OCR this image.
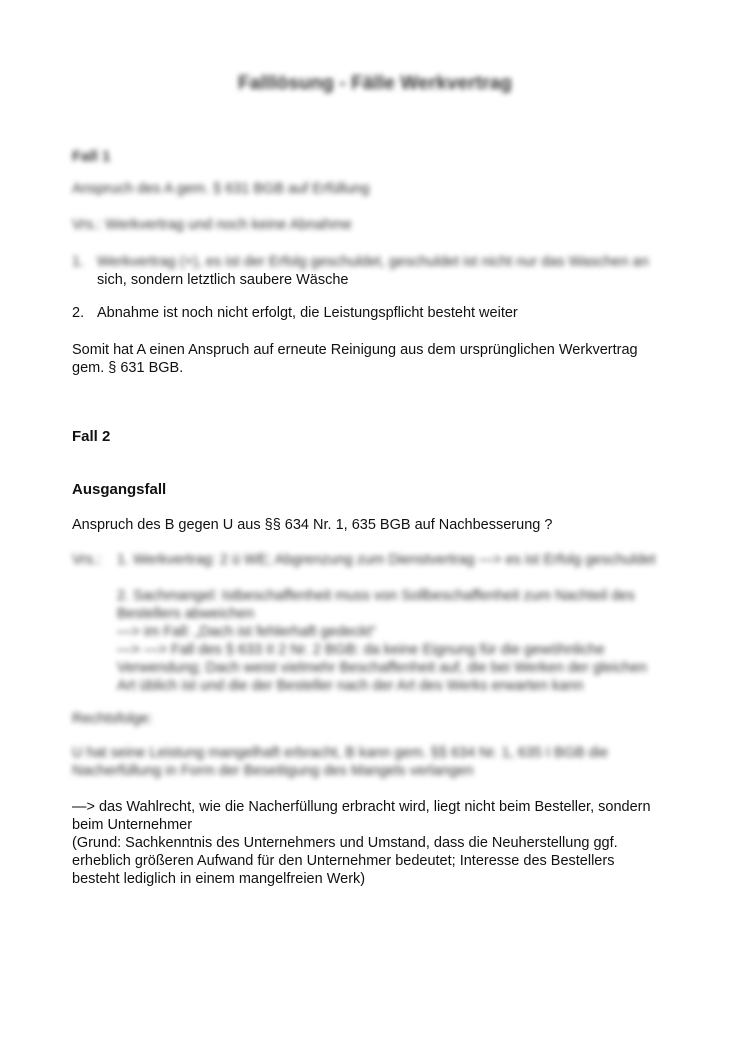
Falllösung - Fälle Werkvertrag
Fall 1
Anspruch des A gem. § 631 BGB auf Erfüllung
Vrs.: Werkvertrag und noch keine Abnahme
1. Werkvertrag (+), es ist der Erfolg geschuldet, geschuldet ist nicht nur das Waschen an
sich, sondern letztlich saubere Wäsche
2. Abnahme ist noch nicht erfolgt, die Leistungspflicht besteht weiter
Somit hat A einen Anspruch auf erneute Reinigung aus dem ursprünglichen Werkvertrag
gem. § 631 BGB.
Fall 2
Ausgangsfall
Anspruch des B gegen U aus §§ 634 Nr. 1, 635 BGB auf Nachbesserung ?
Vrs.: 1. Werkvertrag: 2 ü WE; Abgrenzung zum Dienstvertrag —> es ist Erfolg geschuldet
2. Sachmangel: Istbeschaffenheit muss von Sollbeschaffenheit zum Nachteil des
Bestellers abweichen
—> im Fall: „Dach ist fehlerhaft gedeckt“
—> —> Fall des § 633 II 2 Nr. 2 BGB: da keine Eignung für die gewöhnliche
Verwendung; Dach weist vielmehr Beschaffenheit auf, die bei Werken der gleichen
Art üblich ist und die der Besteller nach der Art des Werks erwarten kann
Rechtsfolge:
U hat seine Leistung mangelhaft erbracht, B kann gem. §§ 634 Nr. 1, 635 I BGB die
Nacherfüllung in Form der Beseitigung des Mangels verlangen
—> das Wahlrecht, wie die Nacherfüllung erbracht wird, liegt nicht beim Besteller, sondern
beim Unternehmer
(Grund: Sachkenntnis des Unternehmers und Umstand, dass die Neuherstellung ggf.
erheblich größeren Aufwand für den Unternehmer bedeutet; Interesse des Bestellers
besteht lediglich in einem mangelfreien Werk)
